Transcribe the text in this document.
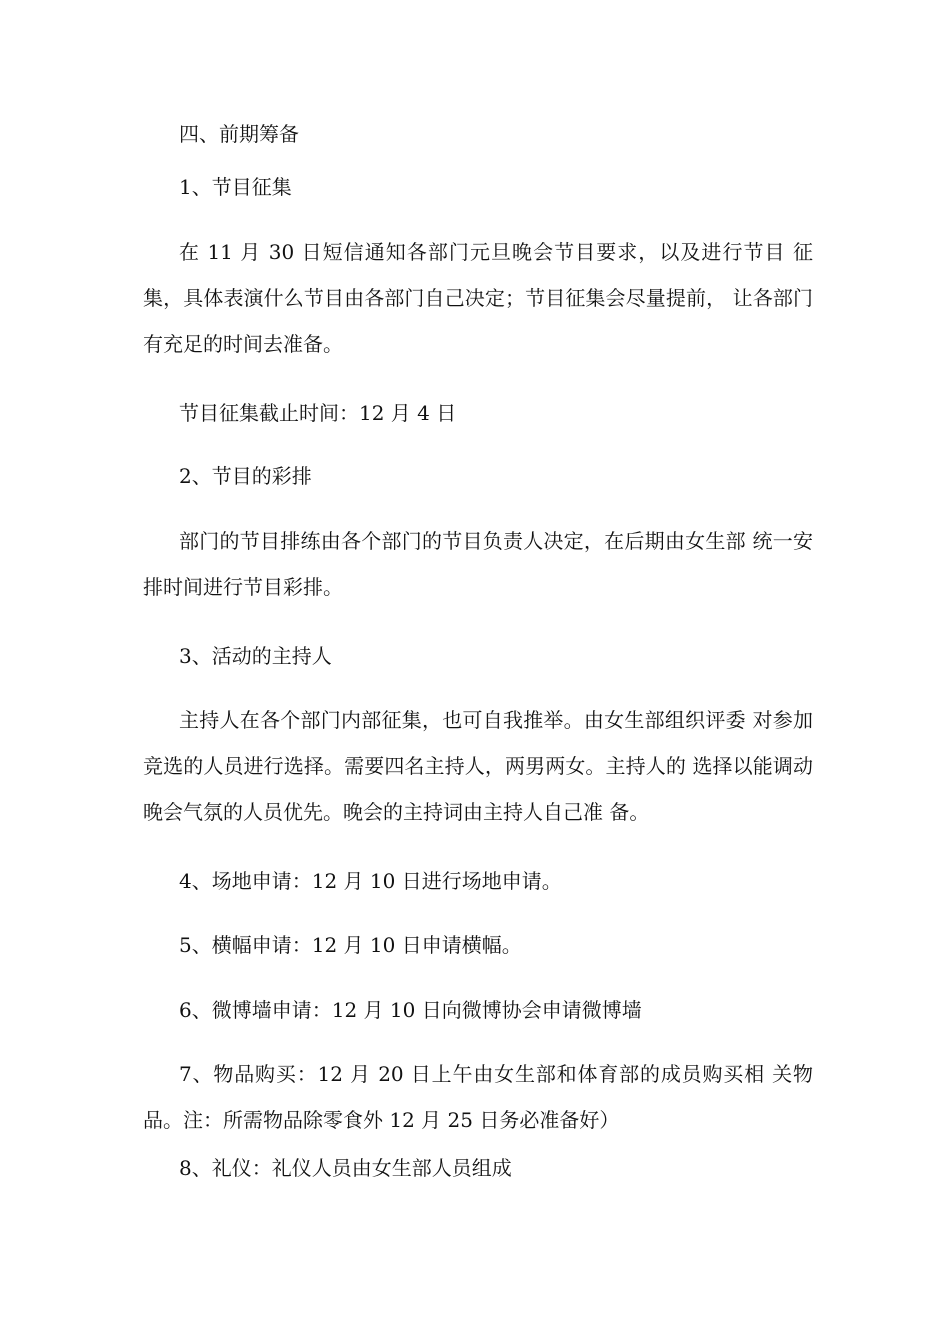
四、前期筹备

1、节目征集

在 11 月 30 日短信通知各部门元旦晚会节目要求，以及进行节目 征集，具体表演什么节目由各部门自己决定；节目征集会尽量提前， 让各部门有充足的时间去准备。

节目征集截止时间：12 月 4 日

2、节目的彩排

部门的节目排练由各个部门的节目负责人决定，在后期由女生部 统一安排时间进行节目彩排。

3、活动的主持人

主持人在各个部门内部征集，也可自我推举。由女生部组织评委 对参加竞选的人员进行选择。需要四名主持人，两男两女。主持人的 选择以能调动晚会气氛的人员优先。晚会的主持词由主持人自己准 备。

4、场地申请：12 月 10 日进行场地申请。

5、横幅申请：12 月 10 日申请横幅。

6、微博墙申请：12 月 10 日向微博协会申请微博墙

7、物品购买：12 月 20 日上午由女生部和体育部的成员购买相 关物品。注：所需物品除零食外 12 月 25 日务必准备好）

8、礼仪：礼仪人员由女生部人员组成
